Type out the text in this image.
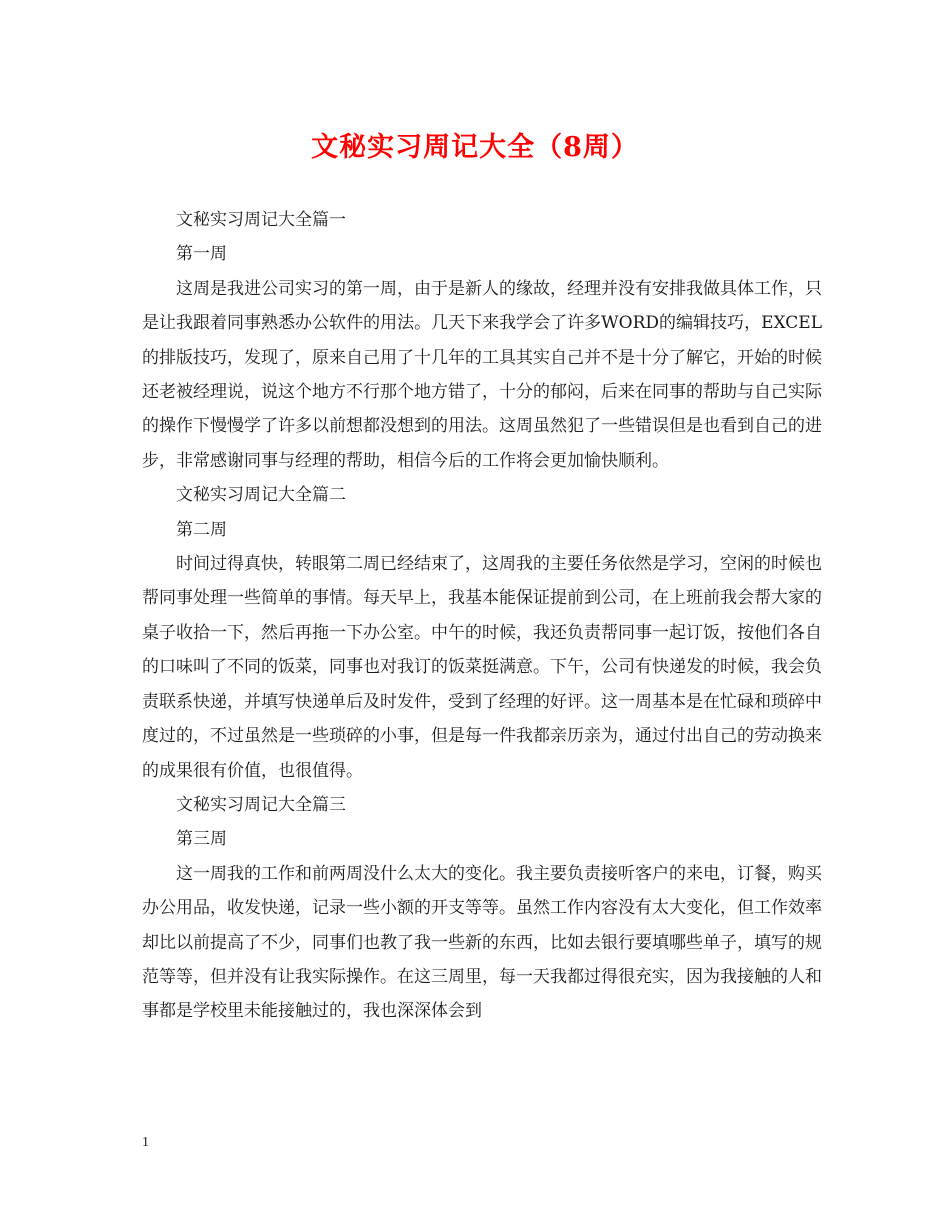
文秘实习周记大全（8周）

文秘实习周记大全篇一

第一周

这周是我进公司实习的第一周，由于是新人的缘故，经理并没有安排我做具体工作，只是让我跟着同事熟悉办公软件的用法。几天下来我学会了许多WORD的编辑技巧，EXCEL的排版技巧，发现了，原来自己用了十几年的工具其实自己并不是十分了解它，开始的时候还老被经理说，说这个地方不行那个地方错了，十分的郁闷，后来在同事的帮助与自己实际的操作下慢慢学了许多以前想都没想到的用法。这周虽然犯了一些错误但是也看到自己的进步，非常感谢同事与经理的帮助，相信今后的工作将会更加愉快顺利。

文秘实习周记大全篇二

第二周

时间过得真快，转眼第二周已经结束了，这周我的主要任务依然是学习，空闲的时候也帮同事处理一些简单的事情。每天早上，我基本能保证提前到公司，在上班前我会帮大家的桌子收拾一下，然后再拖一下办公室。中午的时候，我还负责帮同事一起订饭，按他们各自的口味叫了不同的饭菜，同事也对我订的饭菜挺满意。下午，公司有快递发的时候，我会负责联系快递，并填写快递单后及时发件，受到了经理的好评。这一周基本是在忙碌和琐碎中度过的，不过虽然是一些琐碎的小事，但是每一件我都亲历亲为，通过付出自己的劳动换来的成果很有价值，也很值得。

文秘实习周记大全篇三

第三周

这一周我的工作和前两周没什么太大的变化。我主要负责接听客户的来电，订餐，购买办公用品，收发快递，记录一些小额的开支等等。虽然工作内容没有太大变化，但工作效率却比以前提高了不少，同事们也教了我一些新的东西，比如去银行要填哪些单子，填写的规范等等，但并没有让我实际操作。在这三周里，每一天我都过得很充实，因为我接触的人和事都是学校里未能接触过的，我也深深体会到

1
